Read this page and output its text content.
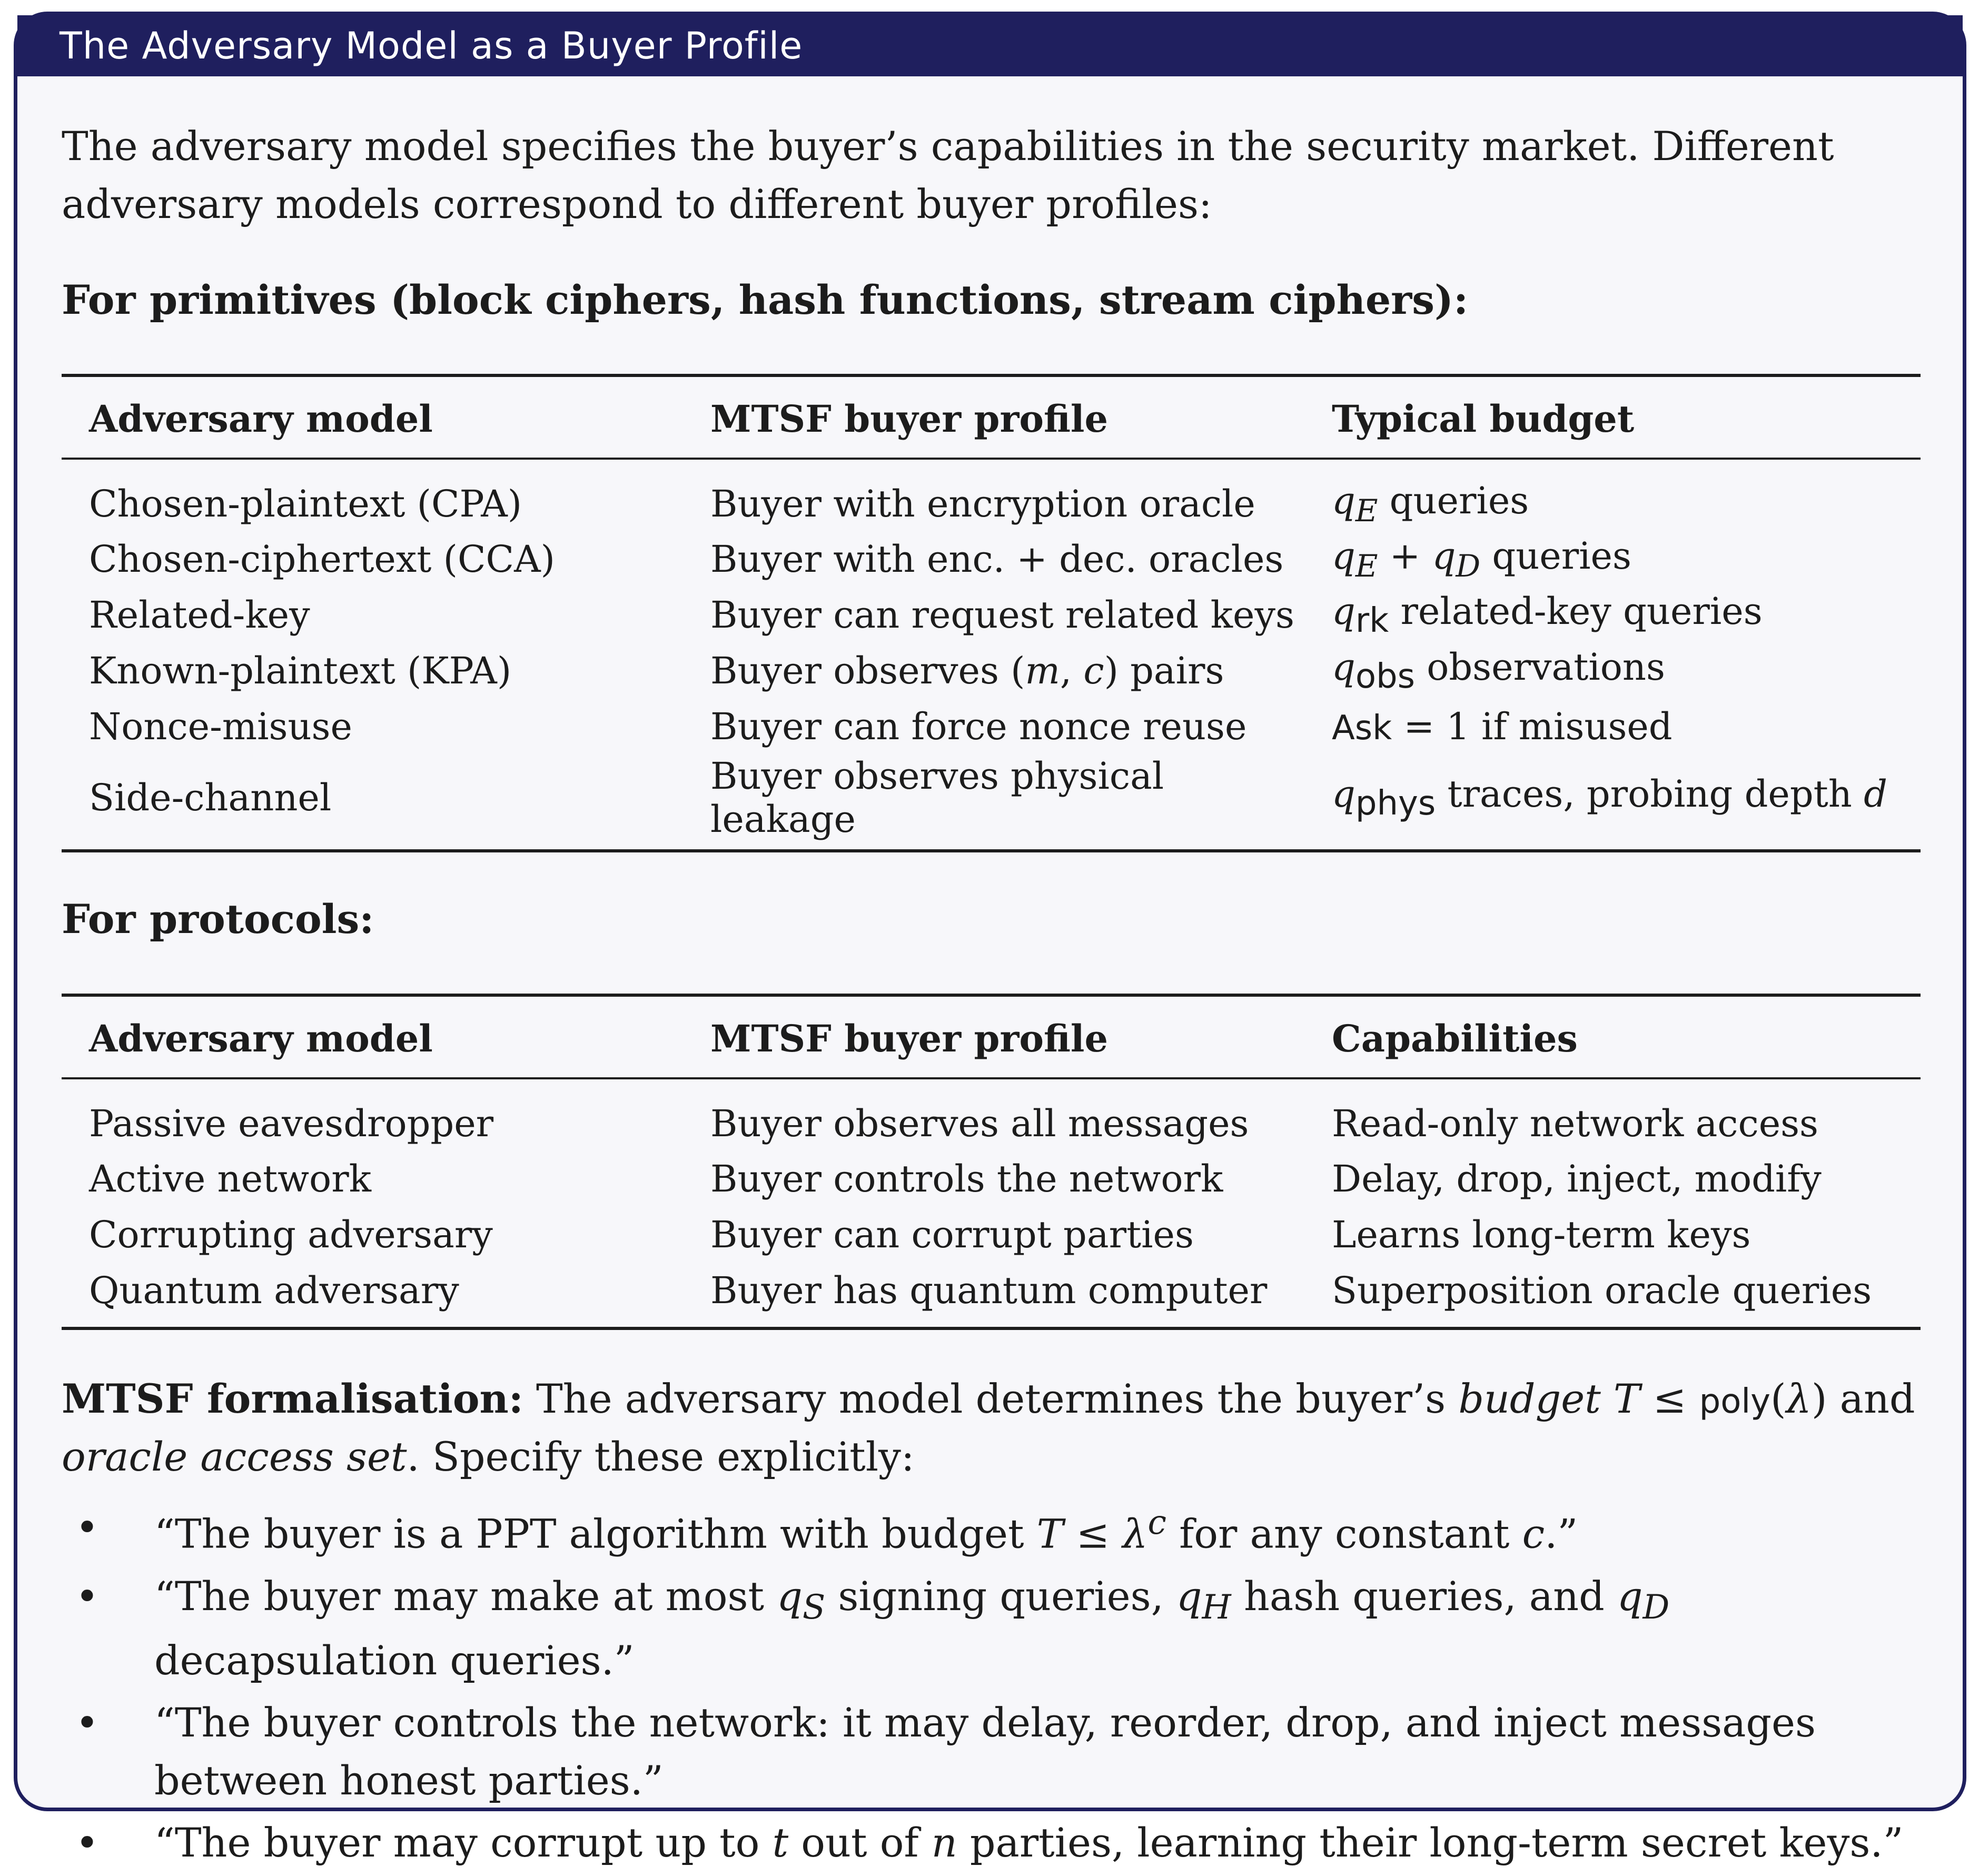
The Adversary Model as a Buyer Profile

The adversary model specifies the buyer’s capabilities in the security market. Different adversary models correspond to different buyer profiles:

For primitives (block ciphers, hash functions, stream ciphers):

Adversary model	MTSF buyer profile	Typical budget
Chosen-plaintext (CPA)	Buyer with encryption oracle	$q_E$ queries
Chosen-ciphertext (CCA)	Buyer with enc. + dec. oracles	$q_E + q_D$ queries
Related-key	Buyer can request related keys	$q_{rk}$ related-key queries
Known-plaintext (KPA)	Buyer observes (m, c) pairs	$q_{obs}$ observations
Nonce-misuse	Buyer can force nonce reuse	Ask = 1 if misused
Side-channel	Buyer observes physical leakage	$q_{phys}$ traces, probing depth d

For protocols:

Adversary model	MTSF buyer profile	Capabilities
Passive eavesdropper	Buyer observes all messages	Read-only network access
Active network	Buyer controls the network	Delay, drop, inject, modify
Corrupting adversary	Buyer can corrupt parties	Learns long-term keys
Quantum adversary	Buyer has quantum computer	Superposition oracle queries

MTSF formalisation: The adversary model determines the buyer’s budget T ≤ poly(λ) and oracle access set. Specify these explicitly:

• “The buyer is a PPT algorithm with budget $T \le \lambda^c$ for any constant c.”
• “The buyer may make at most $q_S$ signing queries, $q_H$ hash queries, and $q_D$ decapsulation queries.”
• “The buyer controls the network: it may delay, reorder, drop, and inject messages between honest parties.”
• “The buyer may corrupt up to t out of n parties, learning their long-term secret keys.”
